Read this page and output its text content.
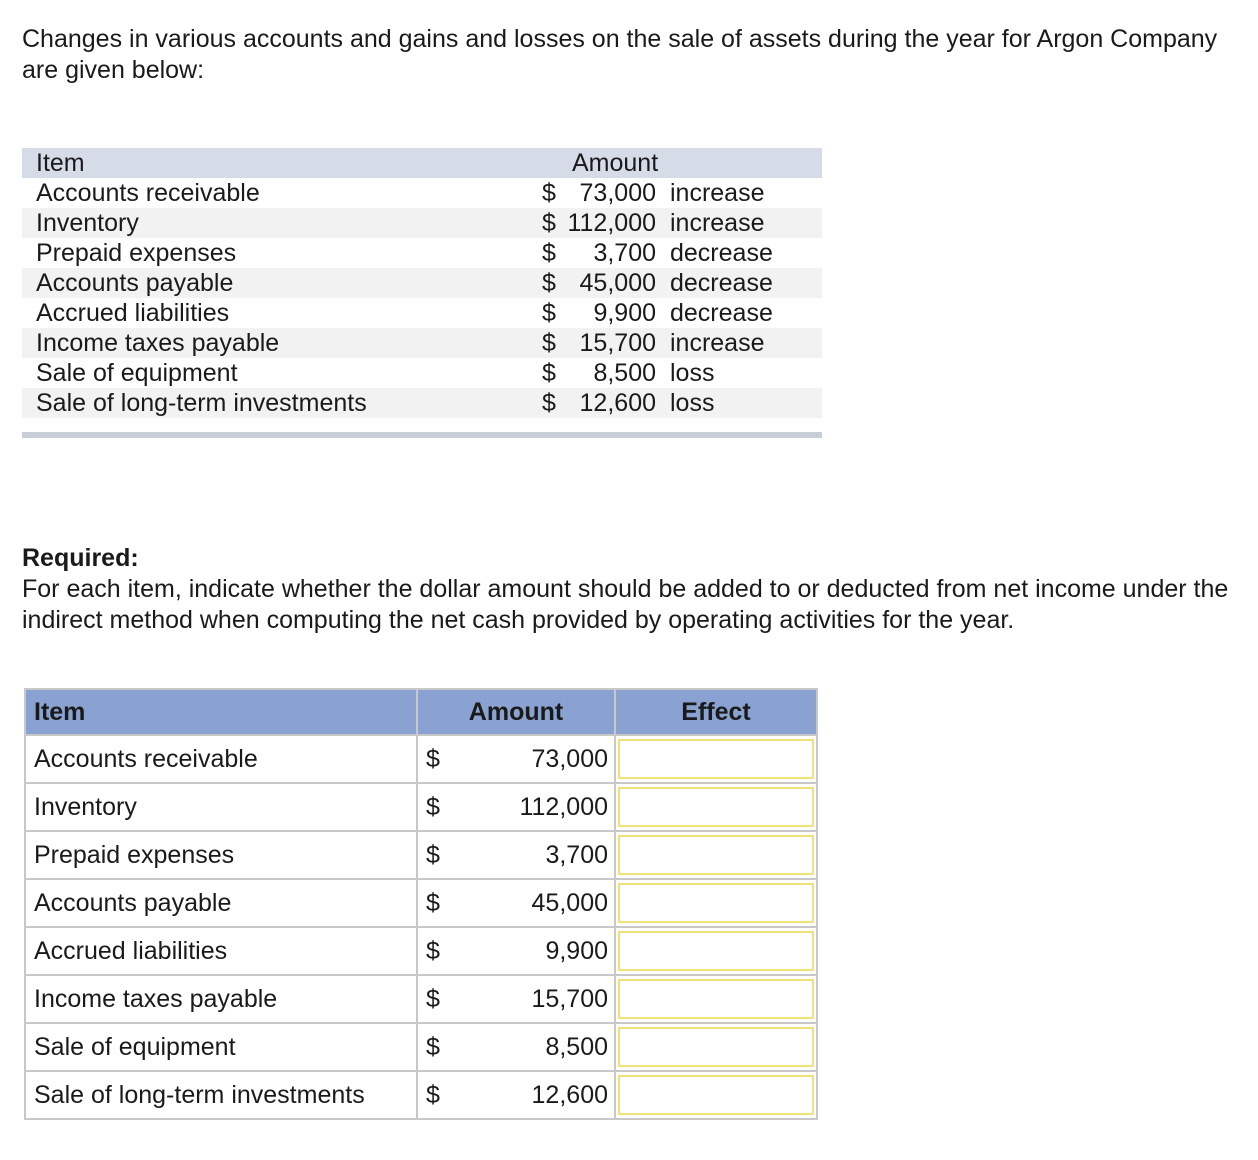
Changes in various accounts and gains and losses on the sale of assets during the year for Argon Company are given below:
Item	Amount
Accounts receivable	$ 73,000 increase
Inventory	$ 112,000 increase
Prepaid expenses	$	3,700 decrease
Accounts payable	$ 45,000 decrease
Accrued liabilities	$	9,900 decrease
Income taxes payable	$ 15,700 increase
Sale of equipment	$	8,500 loss
Sale of long-term investments	$ 12,600 loss
Required:
For each item, indicate whether the dollar amount should be added to or deducted from net income under the indirect method when computing the net cash provided by operating activities for the year.
Item	Amount	Effect
Accounts receivable	$ 73,000

Inventory	$ 112,000

Prepaid expenses	$ 3,700

Accounts payable	$ 45,000

Accrued liabilities	$ 9,900

Income taxes payable	$ 15,700

Sale of equipment	$ 8,500

Sale of long-term investments	$ 12,600
